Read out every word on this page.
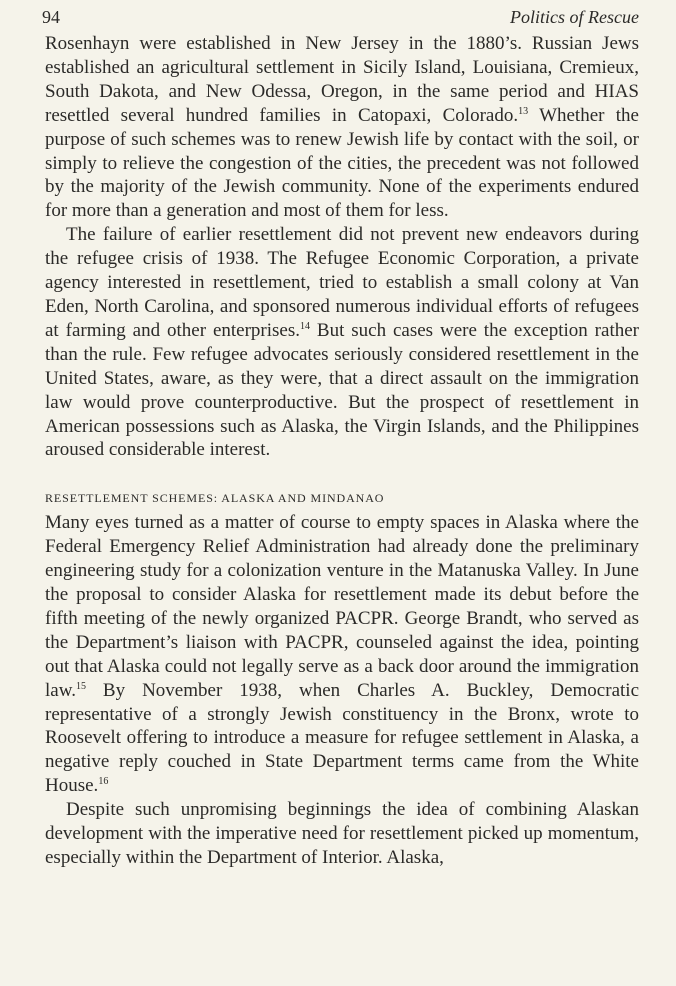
94	Politics of Rescue

Rosenhayn were established in New Jersey in the 1880’s. Russian Jews established an agricultural settlement in Sicily Island, Louisiana, Cremieux, South Dakota, and New Odessa, Oregon, in the same period and HIAS resettled several hundred families in Catopaxi, Colorado.$^{13}$ Whether the purpose of such schemes was to renew Jewish life by contact with the soil, or simply to relieve the congestion of the cities, the precedent was not followed by the majority of the Jewish community. None of the experiments endured for more than a generation and most of them for less.

The failure of earlier resettlement did not prevent new endeavors during the refugee crisis of 1938. The Refugee Economic Corporation, a private agency interested in resettlement, tried to establish a small colony at Van Eden, North Carolina, and sponsored numerous individual efforts of refugees at farming and other enterprises.$^{14}$ But such cases were the exception rather than the rule. Few refugee advocates seriously considered resettlement in the United States, aware, as they were, that a direct assault on the immigration law would prove counterproductive. But the prospect of resettlement in American possessions such as Alaska, the Virgin Islands, and the Philippines aroused considerable interest.

RESETTLEMENT SCHEMES: ALASKA AND MINDANAO

Many eyes turned as a matter of course to empty spaces in Alaska where the Federal Emergency Relief Administration had already done the preliminary engineering study for a colonization venture in the Matanuska Valley. In June the proposal to consider Alaska for resettlement made its debut before the fifth meeting of the newly organized PACPR. George Brandt, who served as the Department’s liaison with PACPR, counseled against the idea, pointing out that Alaska could not legally serve as a back door around the immigration law.$^{15}$ By November 1938, when Charles A. Buckley, Democratic representative of a strongly Jewish constituency in the Bronx, wrote to Roosevelt offering to introduce a measure for refugee settlement in Alaska, a negative reply couched in State Department terms came from the White House.$^{16}$

Despite such unpromising beginnings the idea of combining Alaskan development with the imperative need for resettlement picked up momentum, especially within the Department of Interior. Alaska,
